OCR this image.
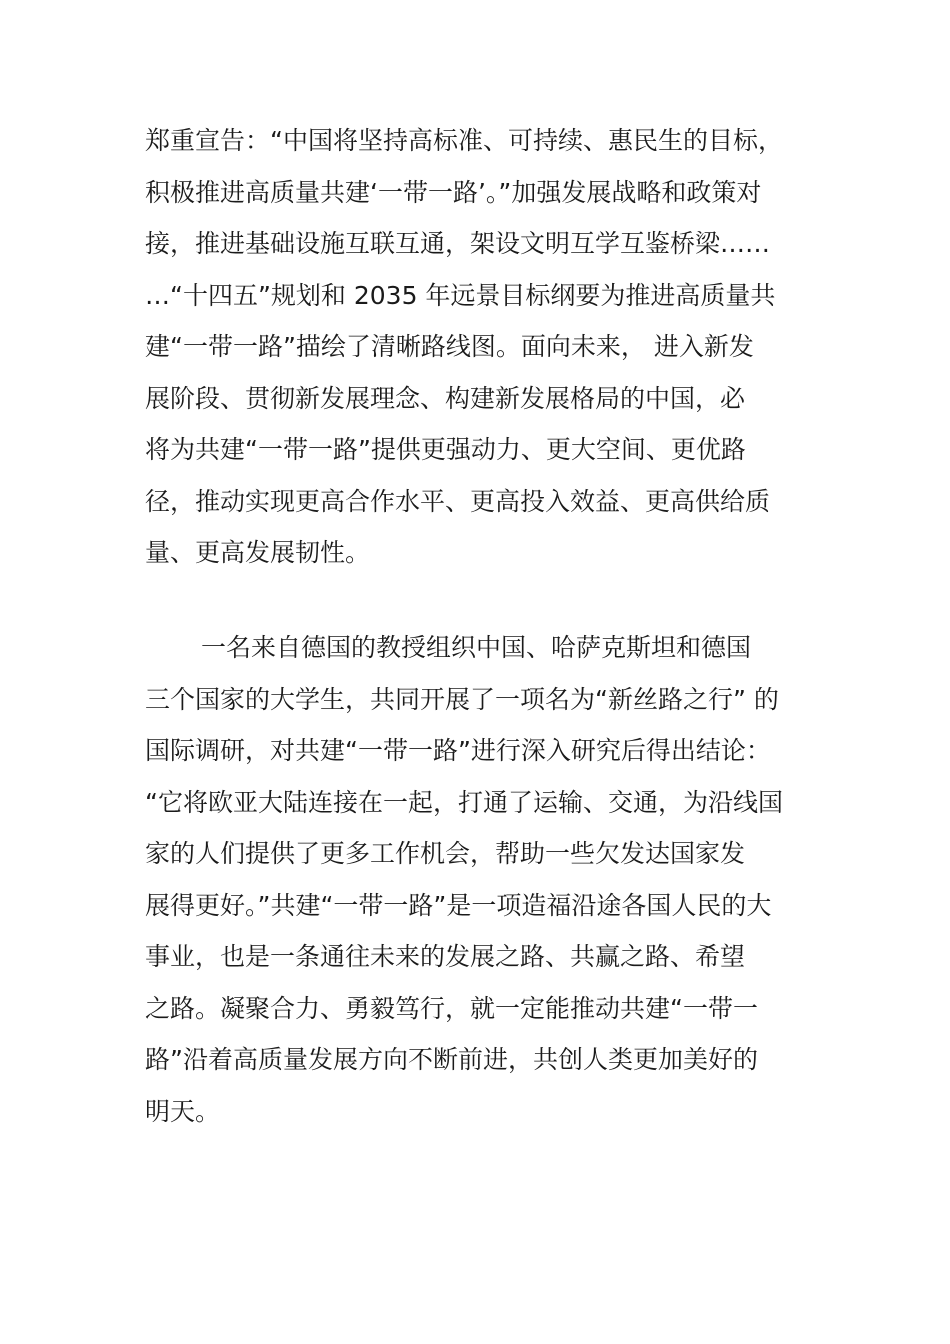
郑重宣告：“中国将坚持高标准、可持续、惠民生的目标，
积极推进高质量共建‘一带一路’。”加强发展战略和政策对
接，推进基础设施互联互通，架设文明互学互鉴桥梁……
…“十四五”规划和 2035 年远景目标纲要为推进高质量共
建“一带一路”描绘了清晰路线图。面向未来， 进入新发
展阶段、贯彻新发展理念、构建新发展格局的中国，必
将为共建“一带一路”提供更强动力、更大空间、更优路
径，推动实现更高合作水平、更高投入效益、更高供给质
量、更高发展韧性。
一名来自德国的教授组织中国、哈萨克斯坦和德国
三个国家的大学生，共同开展了一项名为“新丝路之行” 的
国际调研，对共建“一带一路”进行深入研究后得出结论：
“它将欧亚大陆连接在一起，打通了运输、交通，为沿线国
家的人们提供了更多工作机会，帮助一些欠发达国家发
展得更好。”共建“一带一路”是一项造福沿途各国人民的大
事业，也是一条通往未来的发展之路、共赢之路、希望
之路。凝聚合力、勇毅笃行，就一定能推动共建“一带一
路”沿着高质量发展方向不断前进，共创人类更加美好的
明天。
